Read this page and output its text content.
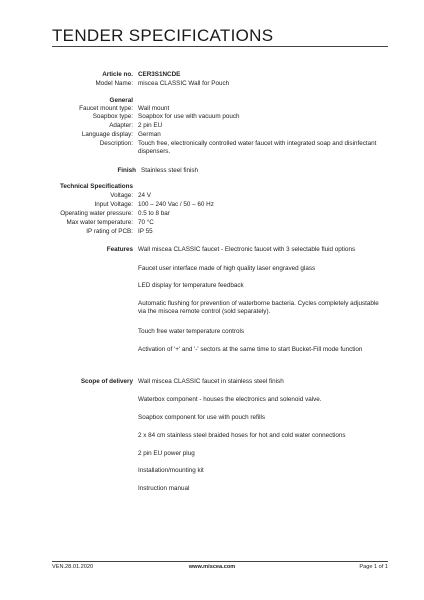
TENDER SPECIFICATIONS
Article no. CER3S1NCDE
Model Name: miscea CLASSIC Wall for Pouch
General
Faucet mount type: Wall mount
Soapbox type: Soapbox for use with vacuum pouch
Adapter: 2 pin EU
Language display: German
Description: Touch free, electronically controlled water faucet with integrated soap and disinfectant dispensers.
Finish Stainless steel finish
Technical Specifications
Voltage: 24 V
Input Voltage: 100 – 240 Vac / 50 – 60 Hz
Operating water pressure: 0.5 to 8 bar
Max water temperature: 70 °C
IP rating of PCB: IP 55
Features Wall miscea CLASSIC faucet - Electronic faucet with 3 selectable fluid options
Faucet user interface made of high quality laser engraved glass
LED display for temperature feedback
Automatic flushing for prevention of waterborne bacteria. Cycles completely adjustable via the miscea remote control (sold separately).
Touch free water temperature controls
Activation of '+' and '-' sectors at the same time to start Bucket-Fill mode function
Scope of delivery Wall miscea CLASSIC faucet in stainless steel finish
Waterbox component - houses the electronics and solenoid valve.
Soapbox component for use with pouch refills
2 x 84 cm stainless steel braided hoses for hot and cold water connections
2 pin EU power plug
Installation/mounting kit
Instruction manual
VEN.28.01.2020	www.miscea.com	Page 1 of 1
